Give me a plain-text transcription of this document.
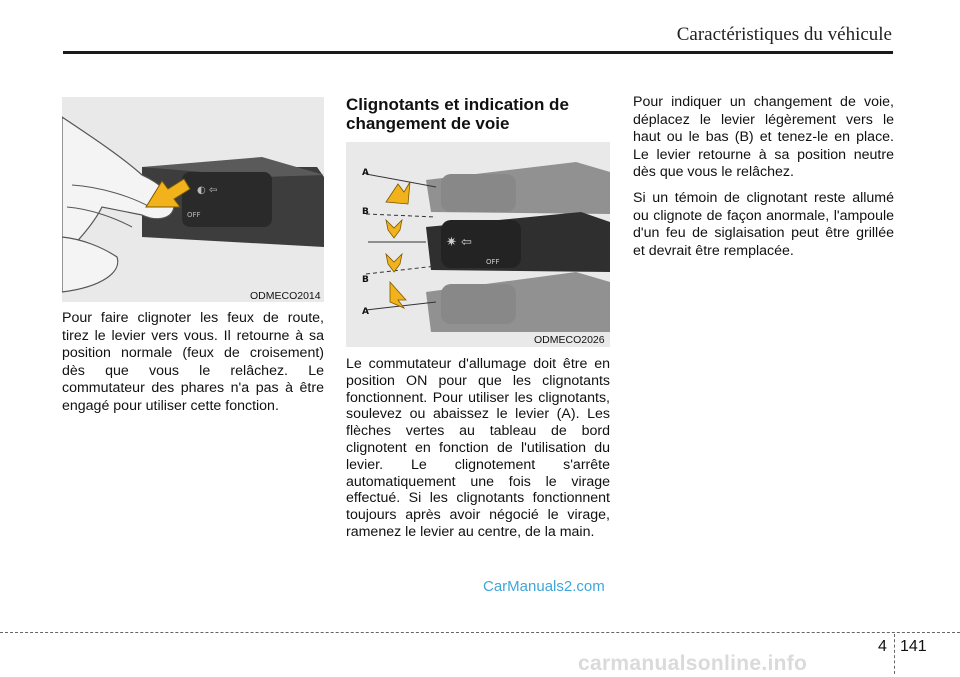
Caractéristiques du véhicule
◐ ⇦
OFF
ODMECO2014
Pour faire clignoter les feux de route, tirez le levier vers vous. Il retourne à sa position normale (feux de croisement) dès que vous le relâchez. Le commutateur des phares n'a pas à être engagé pour utiliser cette fonction.
Clignotants et indication de changement de voie
✷ ⇦
OFF
A
B
B
A
ODMECO2026
Le commutateur d'allumage doit être en position ON pour que les clignotants fonctionnent. Pour utiliser les clignotants, soulevez ou abaissez le levier (A). Les flèches vertes au tableau de bord clignotent en fonction de l'utilisation du levier. Le clignotement s'arrête automatiquement une fois le virage effectué. Si les clignotants fonctionnent toujours après avoir négocié le virage, ramenez le levier au centre, de la main.

Pour indiquer un changement de voie, déplacez le levier légèrement vers le haut ou le bas (B) et tenez-le en place. Le levier retourne à sa position neutre dès que vous le relâchez.

Si un témoin de clignotant reste allumé ou clignote de façon anormale, l'ampoule d'un feu de siglaisation peut être grillée et devrait être remplacée.

CarManuals2.com
4 141
carmanualsonline.info
